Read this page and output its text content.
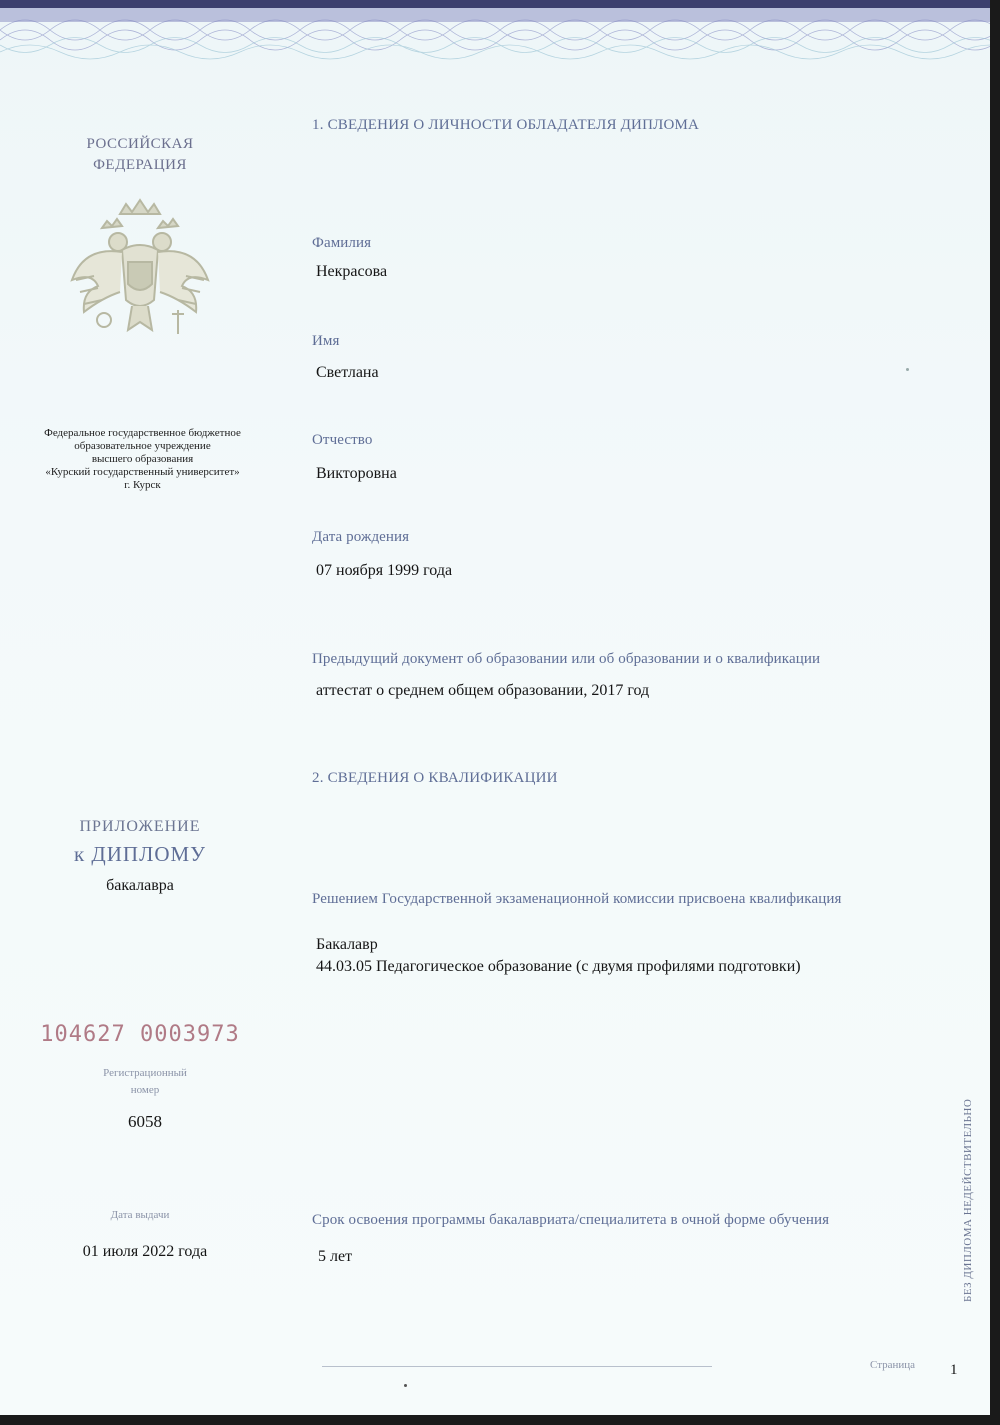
РОССИЙСКАЯ
ФЕДЕРАЦИЯ
Федеральное государственное бюджетное
образовательное учреждение
высшего образования
«Курский государственный университет»
г. Курск
ПРИЛОЖЕНИЕ
к ДИПЛОМУ
бакалавра
104627 0003973
Регистрационный
номер
6058
Дата выдачи
01 июля 2022 года
1. СВЕДЕНИЯ О ЛИЧНОСТИ ОБЛАДАТЕЛЯ ДИПЛОМА
Фамилия
Некрасова
Имя
Светлана
Отчество
Викторовна
Дата рождения
07 ноября 1999 года
Предыдущий документ об образовании или об образовании и о квалификации
аттестат о среднем общем образовании, 2017 год
2. СВЕДЕНИЯ О КВАЛИФИКАЦИИ
Решением Государственной экзаменационной комиссии присвоена квалификация
Бакалавр
44.03.05 Педагогическое образование (с двумя профилями подготовки)
Срок освоения программы бакалавриата/специалитета в очной форме обучения
5 лет	БЕЗ ДИПЛОМА НЕДЕЙСТВИТЕЛЬНО
Страница 1
